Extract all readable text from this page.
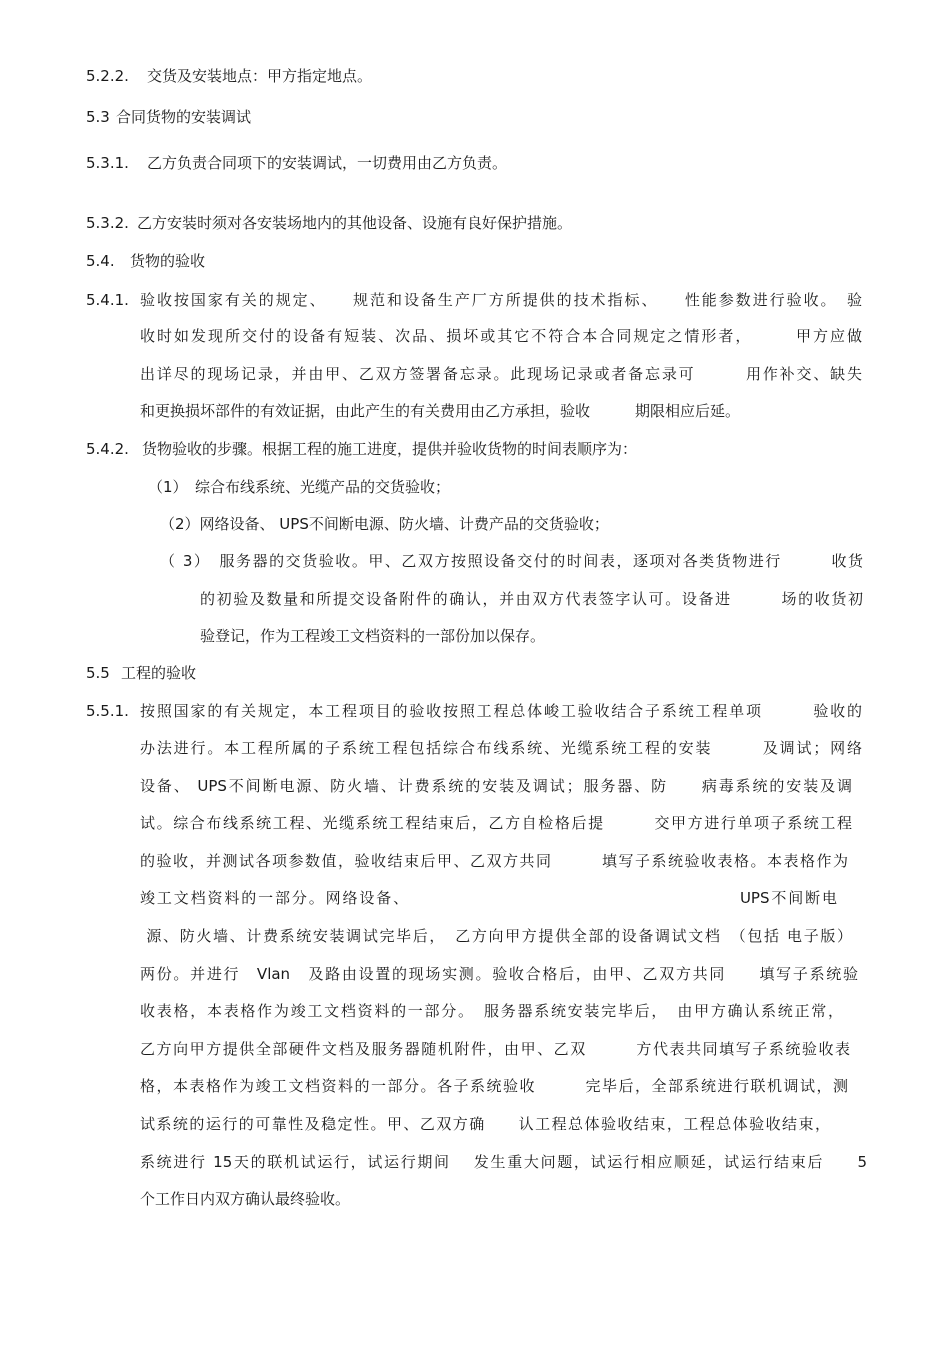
5.2.2. 交货及安装地点：甲方指定地点。
5.3 合同货物的安装调试
5.3.1. 乙方负责合同项下的安装调试，一切费用由乙方负责。
5.3.2. 乙方安装时须对各安装场地内的其他设备、设施有良好保护措施。
5.4. 货物的验收
5.4.1. 验收按国家有关的规定、　　规范和设备生产厂方所提供的技术指标、　　性能参数进行验收。　验
收时如发现所交付的设备有短装、次品、损坏或其它不符合本合同规定之情形者，　　　甲方应做
出详尽的现场记录，并由甲、乙双方签署备忘录。此现场记录或者备忘录可　　　用作补交、缺失
和更换损坏部件的有效证据，由此产生的有关费用由乙方承担，验收　　　期限相应后延。
5.4.2. 货物验收的步骤。根据工程的施工进度，提供并验收货物的时间表顺序为：
（1）　综合布线系统、光缆产品的交货验收；
（2）网络设备、 UPS不间断电源、防火墙、计费产品的交货验收；
（ 3）　服务器的交货验收。甲、乙双方按照设备交付的时间表，逐项对各类货物进行　　　收货
的初验及数量和所提交设备附件的确认，并由双方代表签字认可。设备进　　　场的收货初
验登记，作为工程竣工文档资料的一部份加以保存。
5.5 工程的验收
5.5.1. 按照国家的有关规定，本工程项目的验收按照工程总体峻工验收结合子系统工程单项　　　验收的
办法进行。本工程所属的子系统工程包括综合布线系统、光缆系统工程的安装　　　及调试；网络
设备、 UPS不间断电源、防火墙、计费系统的安装及调试；服务器、防　　病毒系统的安装及调
试。综合布线系统工程、光缆系统工程结束后，乙方自检格后提　　　交甲方进行单项子系统工程
的验收，并测试各项参数值，验收结束后甲、乙双方共同　　　填写子系统验收表格。本表格作为
竣工文档资料的一部分。网络设备、　　　　　　　　　　　　　　　　　　　　UPS不间断电
源、防火墙、计费系统安装调试完毕后，　乙方向甲方提供全部的设备调试文档　（包括 电子版）
两份。并进行　Vlan　及路由设置的现场实测。验收合格后，由甲、乙双方共同　　填写子系统验
收表格，本表格作为竣工文档资料的一部分。　服务器系统安装完毕后，　由甲方确认系统正常，
乙方向甲方提供全部硬件文档及服务器随机附件，由甲、乙双　　　方代表共同填写子系统验收表
格，本表格作为竣工文档资料的一部分。各子系统验收　　　完毕后，全部系统进行联机调试，测
试系统的运行的可靠性及稳定性。甲、乙双方确　　认工程总体验收结束，工程总体验收结束，
系统进行 15天的联机试运行，试运行期间　 发生重大问题，试运行相应顺延，试运行结束后　　5
个工作日内双方确认最终验收。
